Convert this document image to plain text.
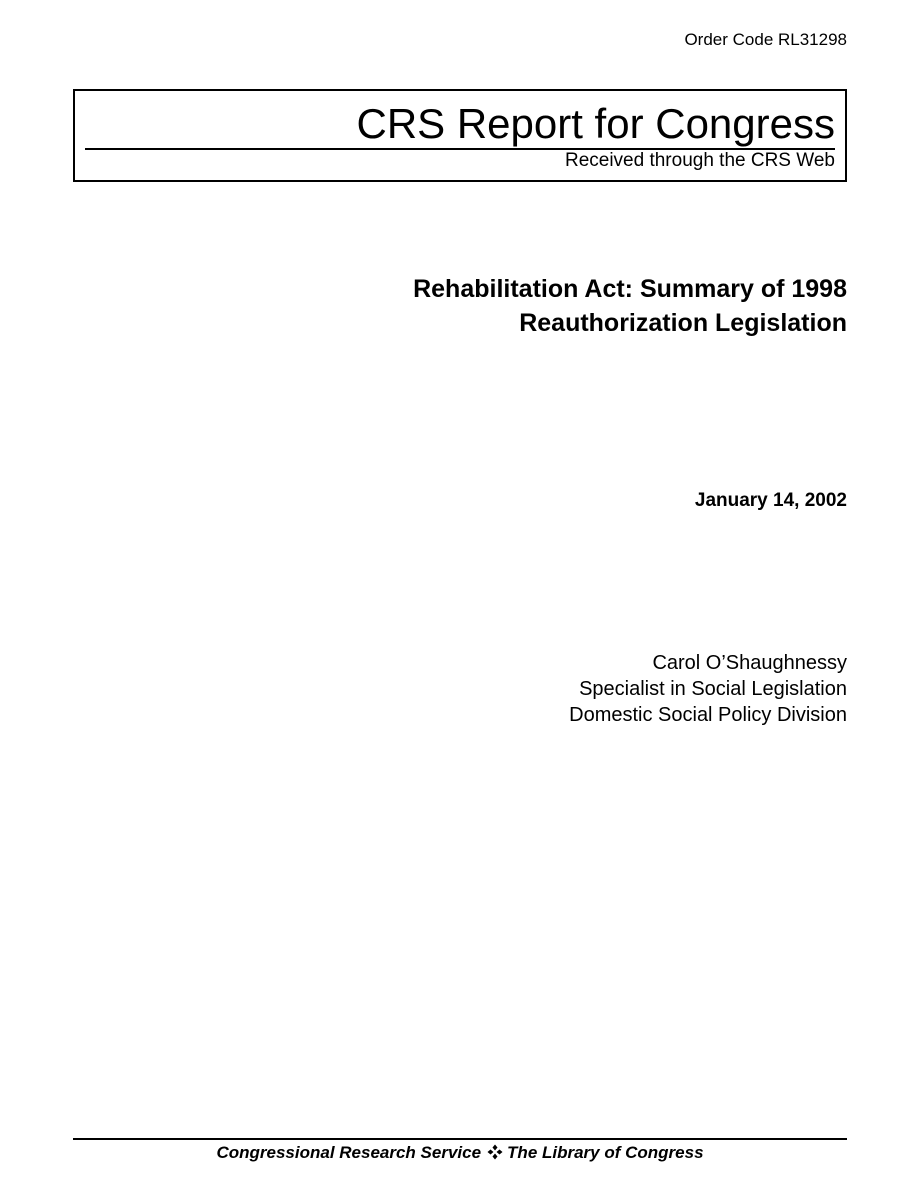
Order Code RL31298
CRS Report for Congress
Received through the CRS Web
Rehabilitation Act: Summary of 1998
Reauthorization Legislation
January 14, 2002
Carol O’Shaughnessy
Specialist in Social Legislation
Domestic Social Policy Division
Congressional Research Service The Library of Congress
